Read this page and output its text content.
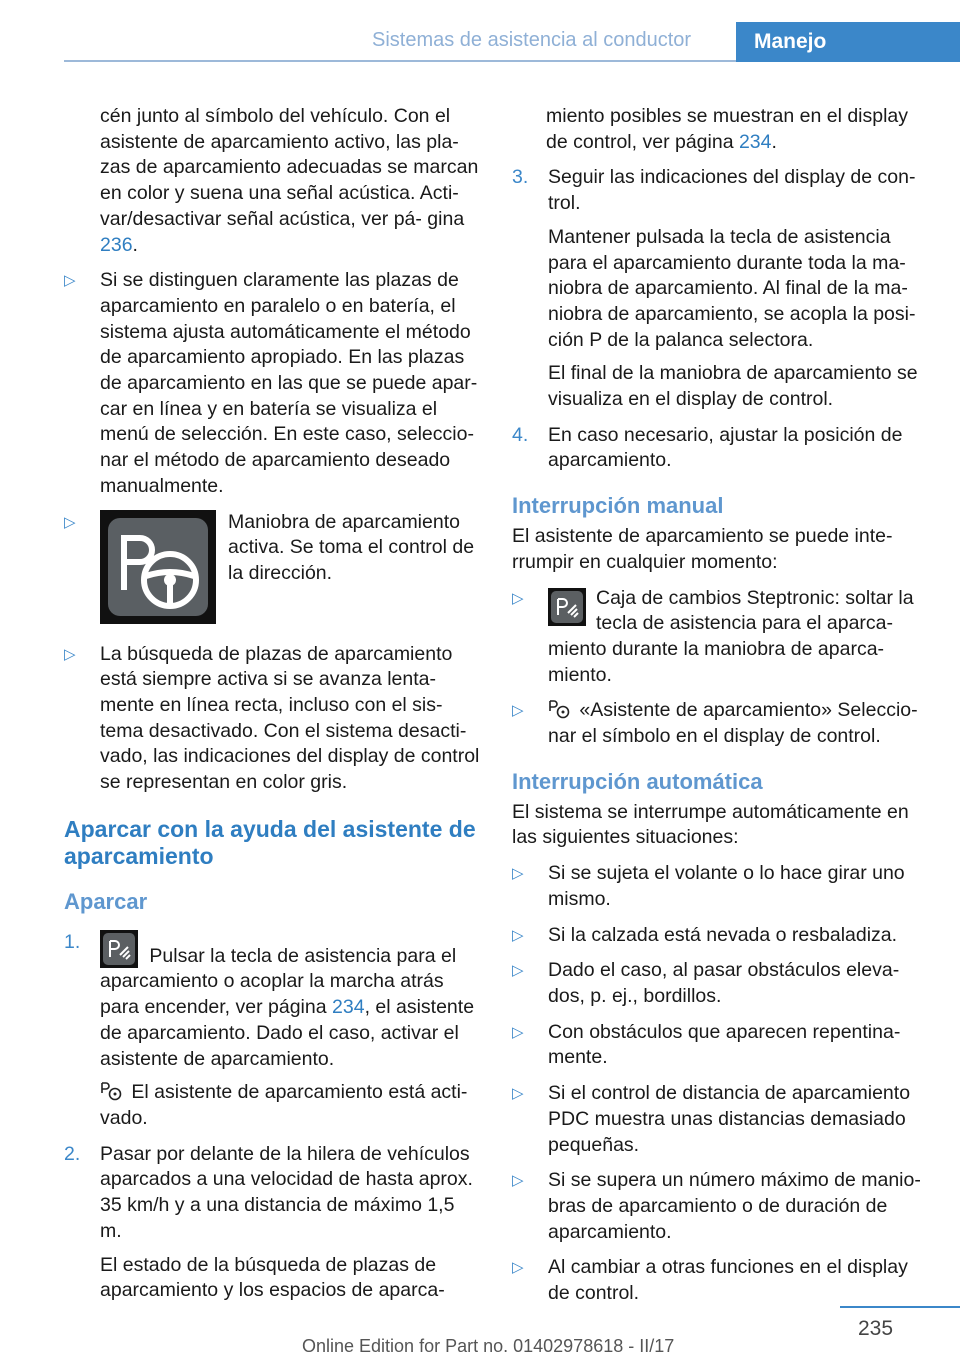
Sistemas de asistencia al conductor	Manejo

cén junto al símbolo del vehículo. Con el asistente de aparcamiento activo, las pla‐ zas de aparcamiento adecuadas se marcan en color y suena una señal acústica. Acti‐ var/desactivar señal acústica, ver pá‐ gina 236.

▷ Si se distinguen claramente las plazas de aparcamiento en paralelo o en batería, el sistema ajusta automáticamente el método de aparcamiento apropiado. En las plazas de aparcamiento en las que se puede apar‐ car en línea y en batería se visualiza el menú de selección. En este caso, seleccio‐ nar el método de aparcamiento deseado manualmente.
▷	Maniobra de aparcamiento activa. Se toma el control de la dirección.
▷ La búsqueda de plazas de aparcamiento está siempre activa si se avanza lenta‐ mente en línea recta, incluso con el sis‐ tema desactivado. Con el sistema desacti‐ vado, las indicaciones del display de control se representan en color gris.
Aparcar con la ayuda del asistente de aparcamiento
Aparcar
1.
Pulsar la tecla de asistencia para el aparcamiento o acoplar la marcha atrás para encender, ver página 234, el asistente de aparcamiento. Dado el caso, activar el asistente de aparcamiento.

El asistente de aparcamiento está acti‐ vado.

2. Pasar por delante de la hilera de vehículos aparcados a una velocidad de hasta aprox. 35 km/h y a una distancia de máximo 1,5 m.

El estado de la búsqueda de plazas de aparcamiento y los espacios de aparca‐

miento posibles se muestran en el display de control, ver página 234.

3. Seguir las indicaciones del display de con‐ trol.

Mantener pulsada la tecla de asistencia para el aparcamiento durante toda la ma‐ niobra de aparcamiento. Al final de la ma‐ niobra de aparcamiento, se acopla la posi‐ ción P de la palanca selectora.

El final de la maniobra de aparcamiento se visualiza en el display de control.

4. En caso necesario, ajustar la posición de aparcamiento.
Interrupción manual

El asistente de aparcamiento se puede inte‐ rrumpir en cualquier momento:

▷	Caja de cambios Steptronic: soltar la tecla de asistencia para el aparca‐ miento durante la maniobra de aparca‐ miento.
▷	«Asistente de aparcamiento» Seleccio‐ nar el símbolo en el display de control.
Interrupción automática

El sistema se interrumpe automáticamente en las siguientes situaciones:

▷ Si se sujeta el volante o lo hace girar uno mismo.
▷ Si la calzada está nevada o resbaladiza.
▷ Dado el caso, al pasar obstáculos eleva‐ dos, p. ej., bordillos.
▷ Con obstáculos que aparecen repentina‐ mente.
▷ Si el control de distancia de aparcamiento PDC muestra unas distancias demasiado pequeñas.
▷ Si se supera un número máximo de manio‐ bras de aparcamiento o de duración de aparcamiento.
▷ Al cambiar a otras funciones en el display de control.
235
Online Edition for Part no. 01402978618 - II/17
